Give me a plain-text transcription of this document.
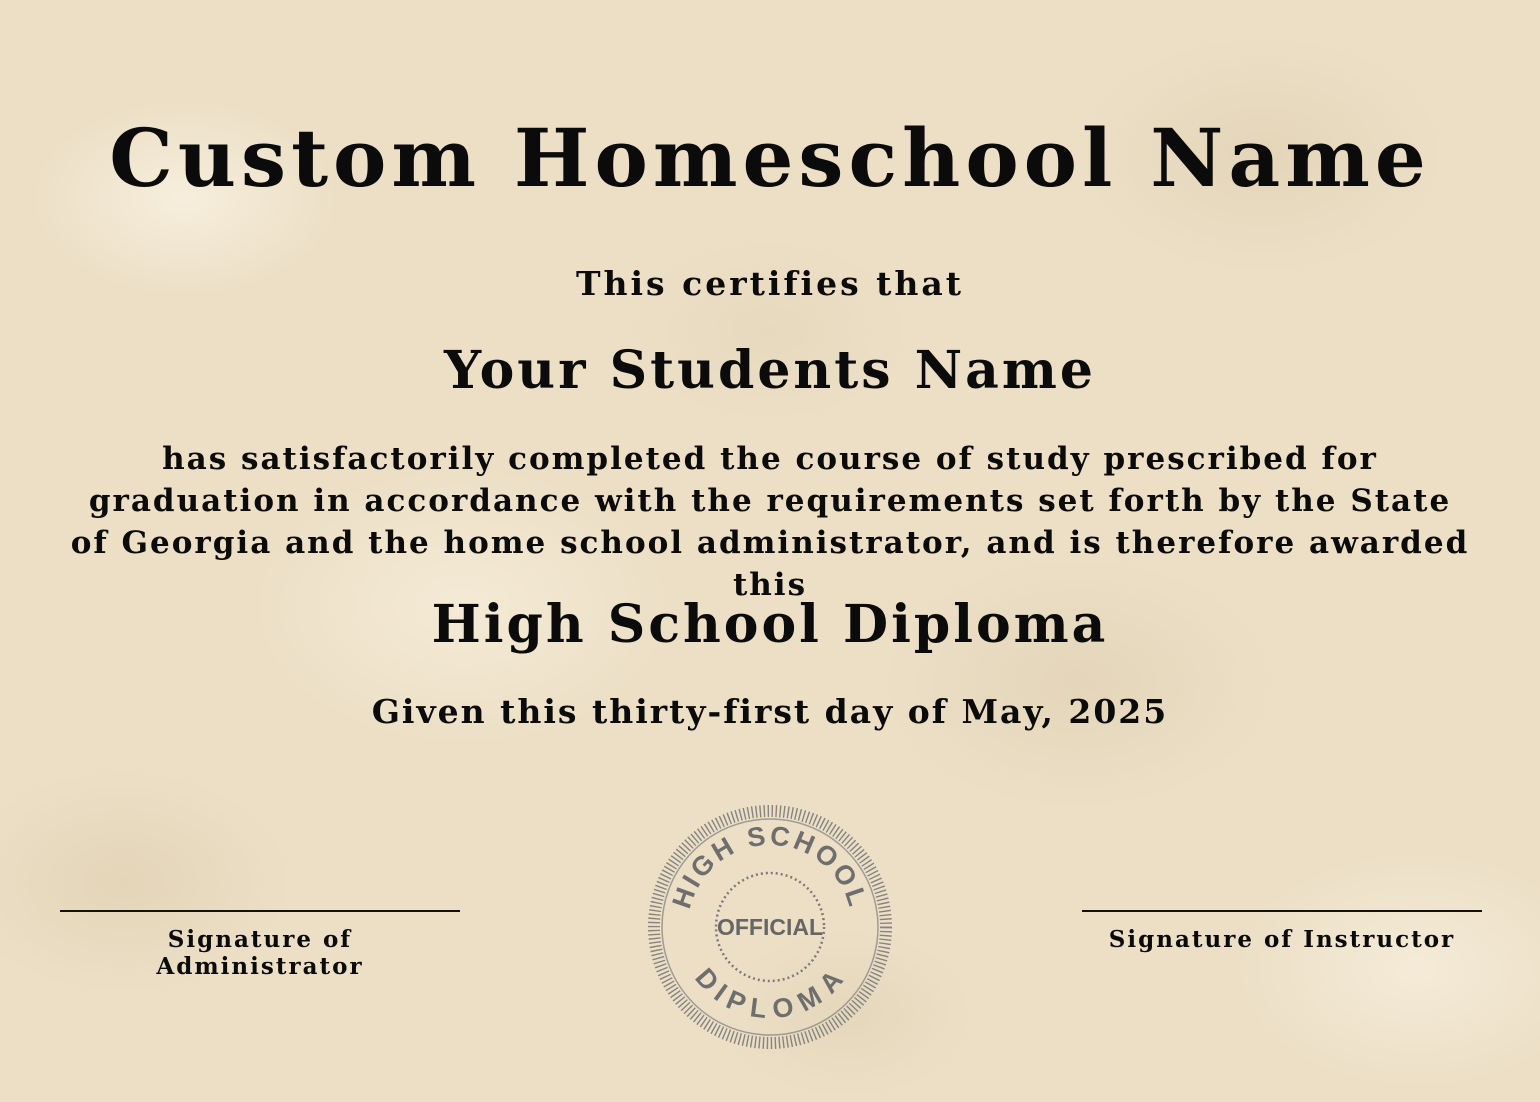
Custom Homeschool Name

This certifies that

Your Students Name

has satisfactorily completed the course of study prescribed for graduation in accordance with the requirements set forth by the State of Georgia and the home school administrator, and is therefore awarded this

High School Diploma

Given this thirty-first day of May, 2025

Signature of Administrator
HIGH SCHOOL
DIPLOMA
OFFICIAL	Signature of Instructor
